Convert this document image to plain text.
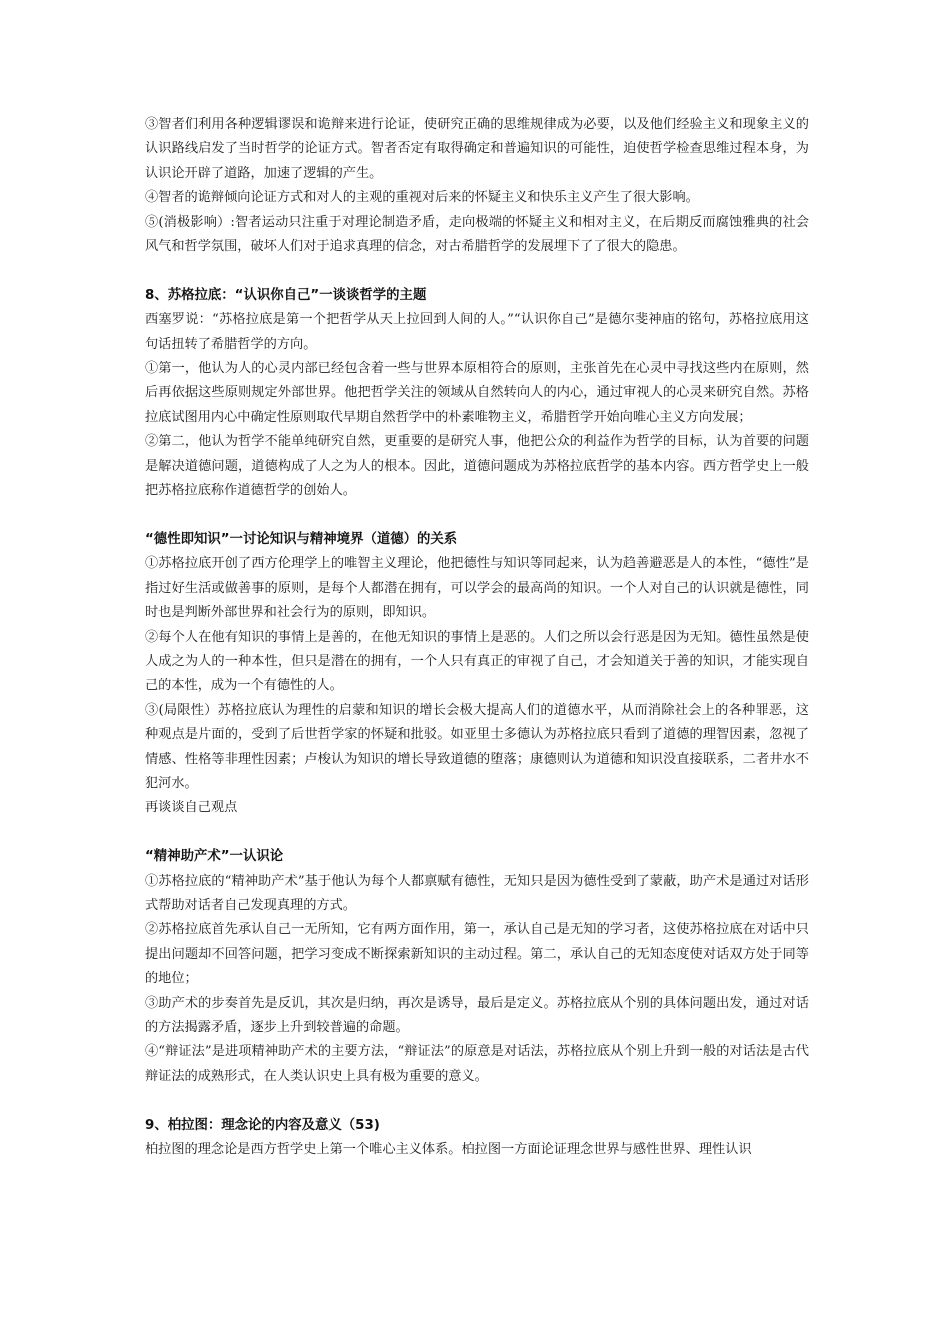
③智者们利用各种逻辑谬误和诡辩来进行论证，使研究正确的思维规律成为必要，以及他们经验主义和现象主义的认识路线启发了当时哲学的论证方式。智者否定有取得确定和普遍知识的可能性，迫使哲学检查思维过程本身，为认识论开辟了道路，加速了逻辑的产生。

④智者的诡辩倾向论证方式和对人的主观的重视对后来的怀疑主义和快乐主义产生了很大影响。

⑤(消极影响）:智者运动只注重于对理论制造矛盾，走向极端的怀疑主义和相对主义，在后期反而腐蚀雅典的社会风气和哲学氛围，破坏人们对于追求真理的信念，对古希腊哲学的发展埋下了了很大的隐患。

8、苏格拉底：“认识你自己”一谈谈哲学的主题

西塞罗说：“苏格拉底是第一个把哲学从天上拉回到人间的人。”“认识你自己”是德尔斐神庙的铭句，苏格拉底用这句话扭转了希腊哲学的方向。

①第一，他认为人的心灵内部已经包含着一些与世界本原相符合的原则，主张首先在心灵中寻找这些内在原则，然后再依据这些原则规定外部世界。他把哲学关注的领域从自然转向人的内心，通过审视人的心灵来研究自然。苏格拉底试图用内心中确定性原则取代早期自然哲学中的朴素唯物主义，希腊哲学开始向唯心主义方向发展；

②第二，他认为哲学不能单纯研究自然，更重要的是研究人事，他把公众的利益作为哲学的目标，认为首要的问题是解决道德问题，道德构成了人之为人的根本。因此，道德问题成为苏格拉底哲学的基本内容。西方哲学史上一般把苏格拉底称作道德哲学的创始人。

“德性即知识”一讨论知识与精神境界（道德）的关系

①苏格拉底开创了西方伦理学上的唯智主义理论，他把德性与知识等同起来，认为趋善避恶是人的本性，“德性”是指过好生活或做善事的原则，是每个人都潜在拥有，可以学会的最高尚的知识。一个人对自己的认识就是德性，同时也是判断外部世界和社会行为的原则，即知识。

②每个人在他有知识的事情上是善的，在他无知识的事情上是恶的。人们之所以会行恶是因为无知。德性虽然是使人成之为人的一种本性，但只是潜在的拥有，一个人只有真正的审视了自己，才会知道关于善的知识，才能实现自己的本性，成为一个有德性的人。

③(局限性）苏格拉底认为理性的启蒙和知识的增长会极大提高人们的道德水平，从而消除社会上的各种罪恶，这种观点是片面的，受到了后世哲学家的怀疑和批驳。如亚里士多德认为苏格拉底只看到了道德的理智因素，忽视了情感、性格等非理性因素；卢梭认为知识的增长导致道德的堕落；康德则认为道德和知识没直接联系，二者井水不犯河水。

再谈谈自己观点

“精神助产术”一认识论

①苏格拉底的“精神助产术”基于他认为每个人都禀赋有德性，无知只是因为德性受到了蒙蔽，助产术是通过对话形式帮助对话者自己发现真理的方式。

②苏格拉底首先承认自己一无所知，它有两方面作用，第一，承认自己是无知的学习者，这使苏格拉底在对话中只提出问题却不回答问题，把学习变成不断探索新知识的主动过程。第二，承认自己的无知态度使对话双方处于同等的地位；

③助产术的步奏首先是反讥，其次是归纳，再次是诱导，最后是定义。苏格拉底从个别的具体问题出发，通过对话的方法揭露矛盾，逐步上升到较普遍的命题。

④“辩证法”是进项精神助产术的主要方法，“辩证法”的原意是对话法，苏格拉底从个别上升到一般的对话法是古代辩证法的成熟形式，在人类认识史上具有极为重要的意义。

9、柏拉图：理念论的内容及意义（53)

柏拉图的理念论是西方哲学史上第一个唯心主义体系。柏拉图一方面论证理念世界与感性世界、理性认识
